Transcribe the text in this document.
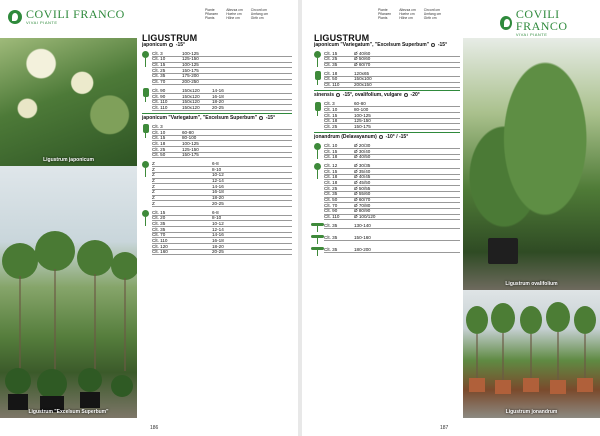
COVILI FRANCO
VIVAI PIANTE
Piante
Pflanzen
Plants
Altezza cm
Hoehe cm
Höhe cm
Circonf.cm
Umfang cm
Girth cm
Piante
Pflanzen
Plants
Altezza cm
Hoehe cm
Höhe cm
Circonf.cm
Umfang cm
Girth cm	COVILI FRANCO
VIVAI PIANTE
Ligustrum japonicum
Ligustrum "Excelsum Superbum"
Ligustrum ovalifolium
Ligustrum jonandrum
LIGUSTRUM
japonicum -15°
Clt. 3	100-125
Clt. 10	125-150
Clt. 15	100-125
Clt. 25	150-175
Clt. 35	175-200
Clt. 70	200-250
Clt. 90	150x120	14-16
Clt. 90	150x120	16-18
Clt. 110	150x120	18-20
Clt. 110	150x120	20-25
japonicum "Variegatum", "Excelsum Superbum" -15°
Clt. 3
Clt. 10	60-80
Clt. 15	80-100
Clt. 18	100-125
Clt. 25	125-150
Clt. 50	150-175
Z	6-8
Z	8-10
Z	10-12
Z	12-14
Z	14-16
Z	16-18
Z	18-20
Z	20-25
Clt. 15	6-8
Clt. 20	8-10
Clt. 35	10-12
Clt. 35	12-14
Clt. 70	14-16
Clt. 110	16-18
Clt. 120	18-20
Clt. 160	20-25
LIGUSTRUM
japonicum "Variegatum", "Excelsum Superbum" -15°
Clt. 15	Ø 40/60
Clt. 25	Ø 50/60
Clt. 35	Ø 60/70
Clt. 18	120x65
Clt. 50	150x100
Clt. 110	200x150
sinensis -15°, ovalifolium, vulgare -20°
Clt. 3	60-80
Clt. 10	80-100
Clt. 15	100-125
Clt. 18	125-150
Clt. 25	150-175
jonandrum (Delavayanum) -10° / -15°
Clt. 10	Ø 20/30
Clt. 15	Ø 30/40
Clt. 18	Ø 40/50
Clt. 12	Ø 30/35
Clt. 15	Ø 35/40
Clt. 18	Ø 40/45
Clt. 18	Ø 45/50
Clt. 25	Ø 50/55
Clt. 35	Ø 55/60
Clt. 50	Ø 60/70
Clt. 70	Ø 70/80
Clt. 90	Ø 80/90
Clt. 110	Ø 100/120
Clt. 35	130-140
Clt. 35	150-160
Clt. 35	180-200
186	187
